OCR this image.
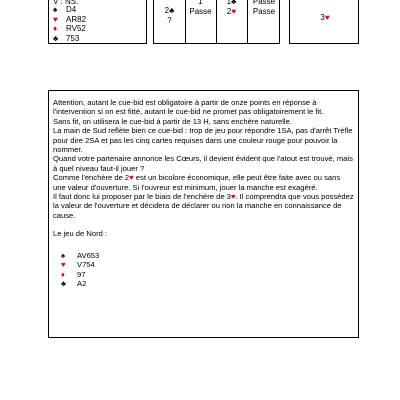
V : NS.
♠ D4
♥ AR82
♦ RV52
♣ 753
2♣
?
1
Passe
1♣
2♥
Passe
Passe
3♥

Attention, autant le cue-bid est obligatoire à partir de onze points en réponse à l'intervention si on est fitté, autant le cue-bid ne promet pas obligatoirement le fit.

Sans fit, on utilisera le cue-bid à partir de 13 H, sans enchère naturelle.

La main de Sud reflète bien ce cue-bid : trop de jeu pour répondre 1SA, pas d'arrêt Trèfle pour dire 2SA et pas les cinq cartes requises dans une couleur rouge pour pouvoir la nommer.

Quand votre partenaire annonce les Cœurs, il devient évident que l'atout est trouvé, mais à quel niveau faut-il jouer ?

Comme l'enchère de 2♥ est un bicolore économique, elle peut être faite avec ou sans une valeur d'ouverture. Si l'ouvreur est minimum, jouer la manche est exagéré.

Il faut donc lui proposer par le biais de l'enchère de 3♥. Il comprendra que vous possédez la valeur de l'ouverture et décidera de déclarer ou non la manche en connaissance de cause.

Le jeu de Nord :

♠ AV653
♥ V754
♦ 97
♣ A2
